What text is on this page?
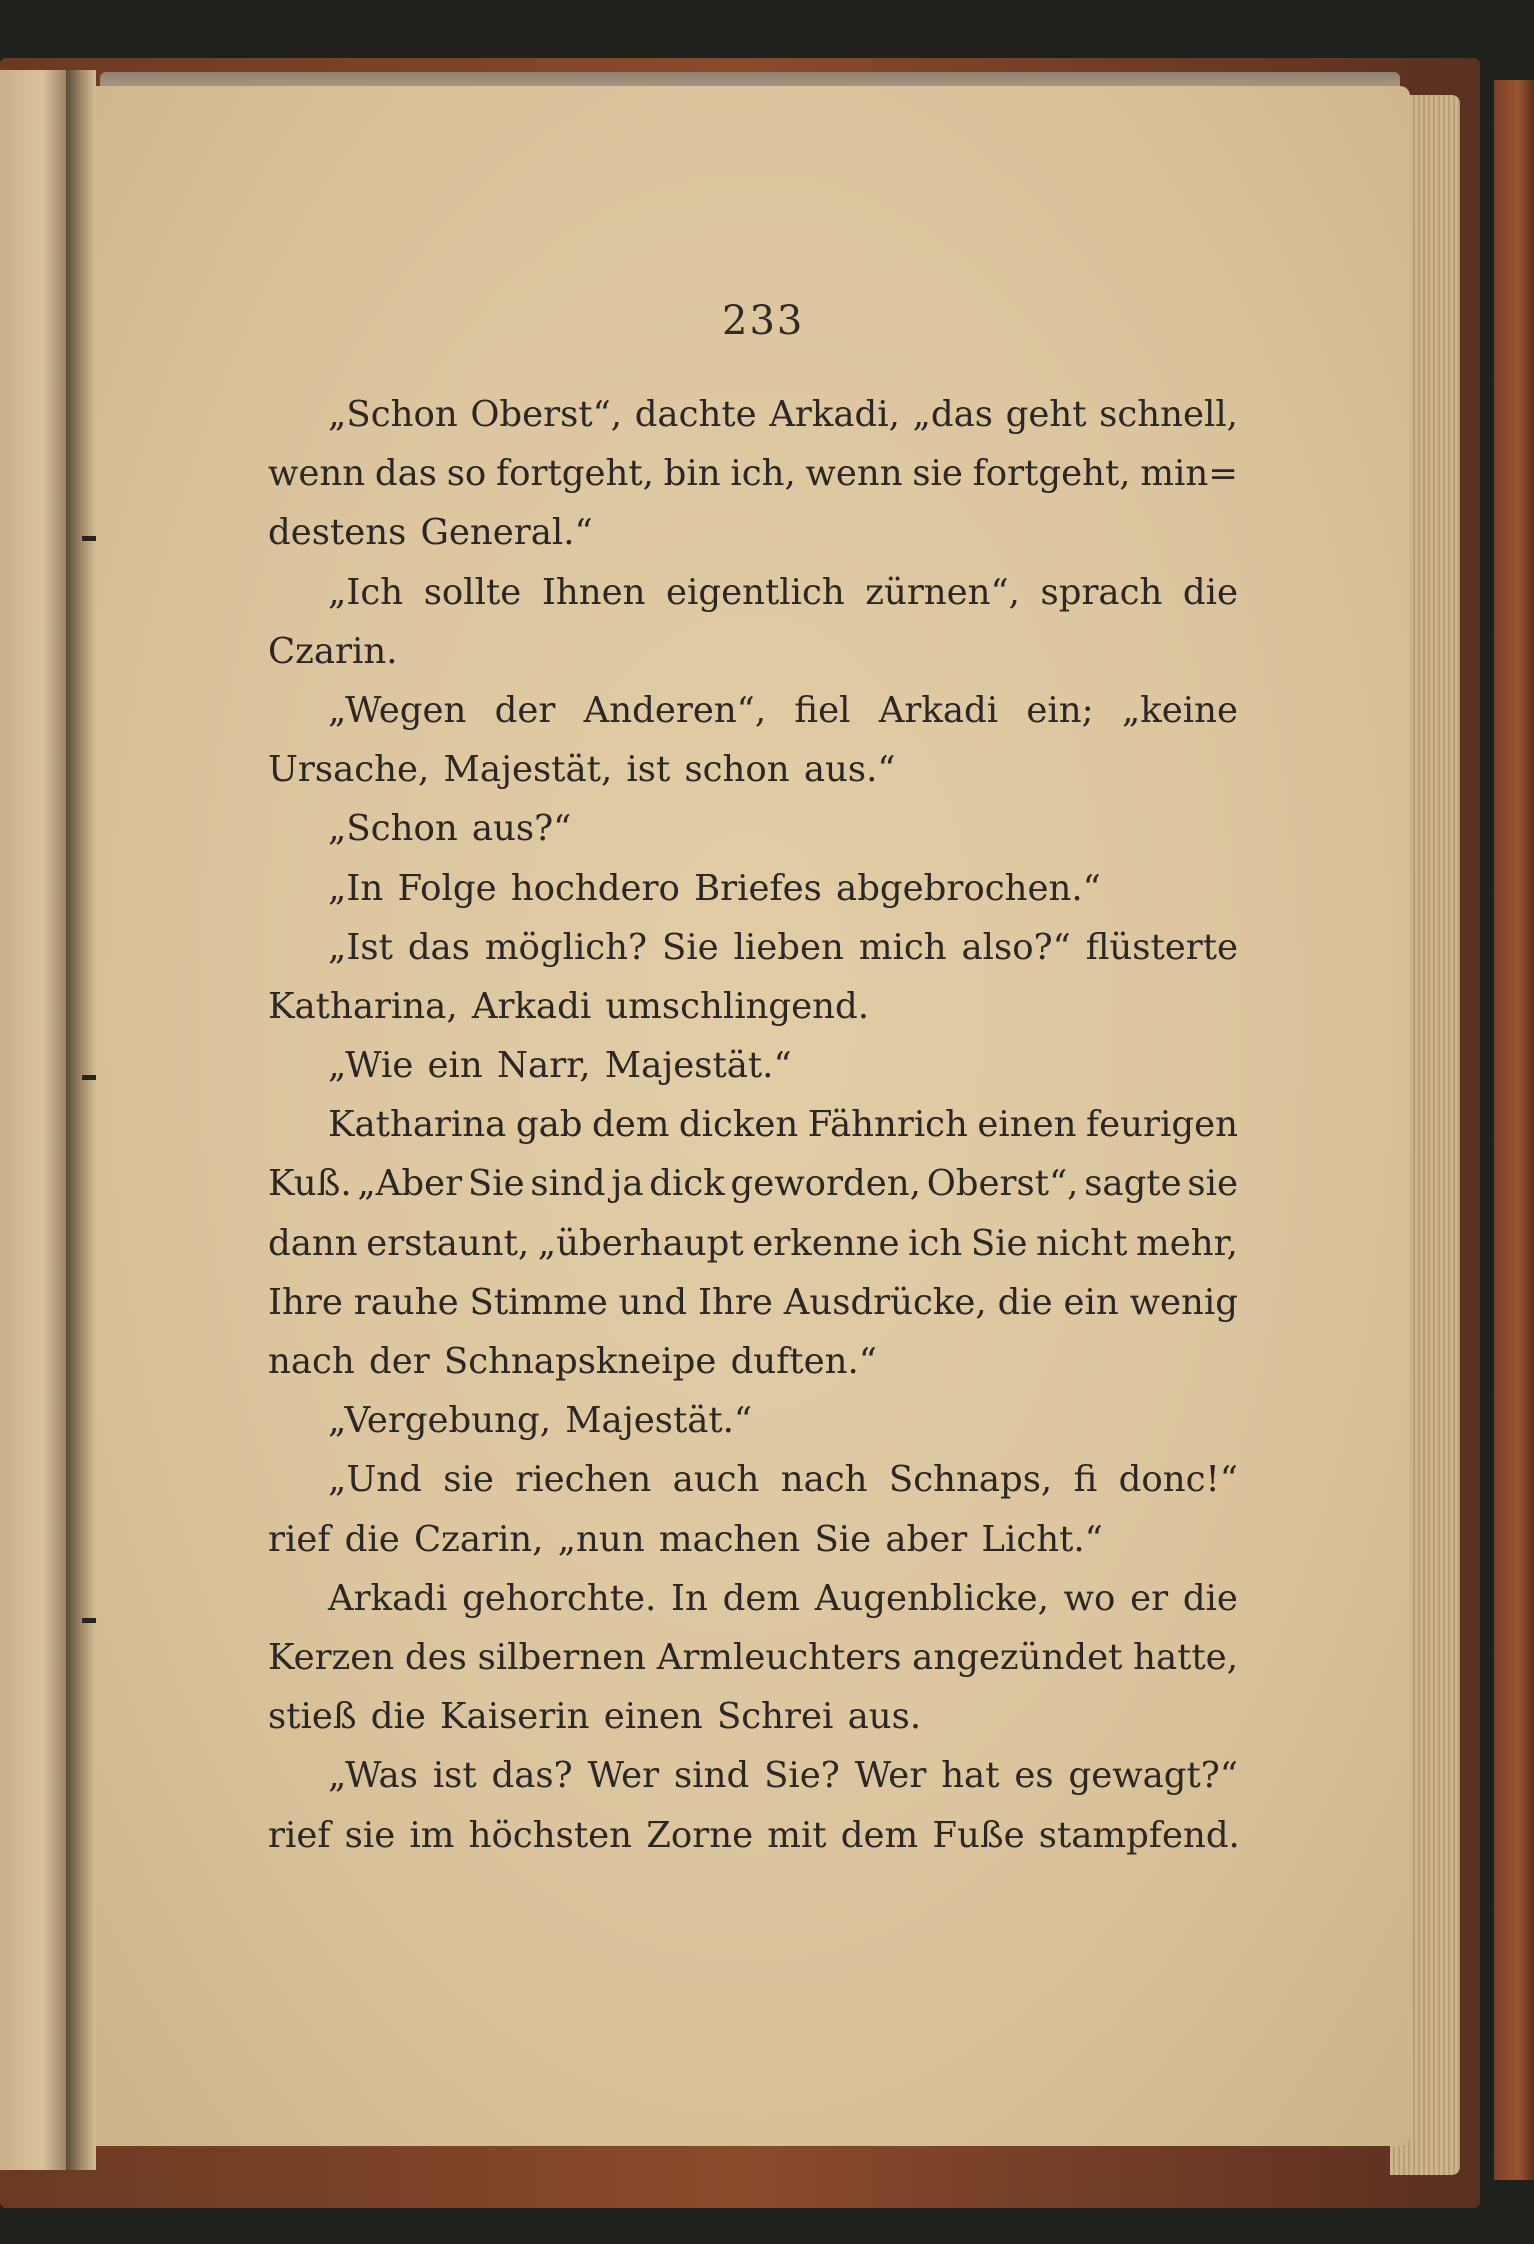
233
„Schon Oberst“, dachte Arkadi, „das geht schnell,
wenn das so fortgeht, bin ich, wenn sie fortgeht, min=
destens General.“
„Ich sollte Ihnen eigentlich zürnen“, sprach die
Czarin.
„Wegen der Anderen“, fiel Arkadi ein; „keine
Ursache, Majestät, ist schon aus.“
„Schon aus?“
„In Folge hochdero Briefes abgebrochen.“
„Ist das möglich? Sie lieben mich also?“ flüsterte
Katharina, Arkadi umschlingend.
„Wie ein Narr, Majestät.“
Katharina gab dem dicken Fähnrich einen feurigen
Kuß. „Aber Sie sind ja dick geworden, Oberst“, sagte sie
dann erstaunt, „überhaupt erkenne ich Sie nicht mehr,
Ihre rauhe Stimme und Ihre Ausdrücke, die ein wenig
nach der Schnapskneipe duften.“
„Vergebung, Majestät.“
„Und sie riechen auch nach Schnaps, fi donc!“
rief die Czarin, „nun machen Sie aber Licht.“
Arkadi gehorchte. In dem Augenblicke, wo er die
Kerzen des silbernen Armleuchters angezündet hatte,
stieß die Kaiserin einen Schrei aus.
„Was ist das? Wer sind Sie? Wer hat es gewagt?“
rief sie im höchsten Zorne mit dem Fuße stampfend.
